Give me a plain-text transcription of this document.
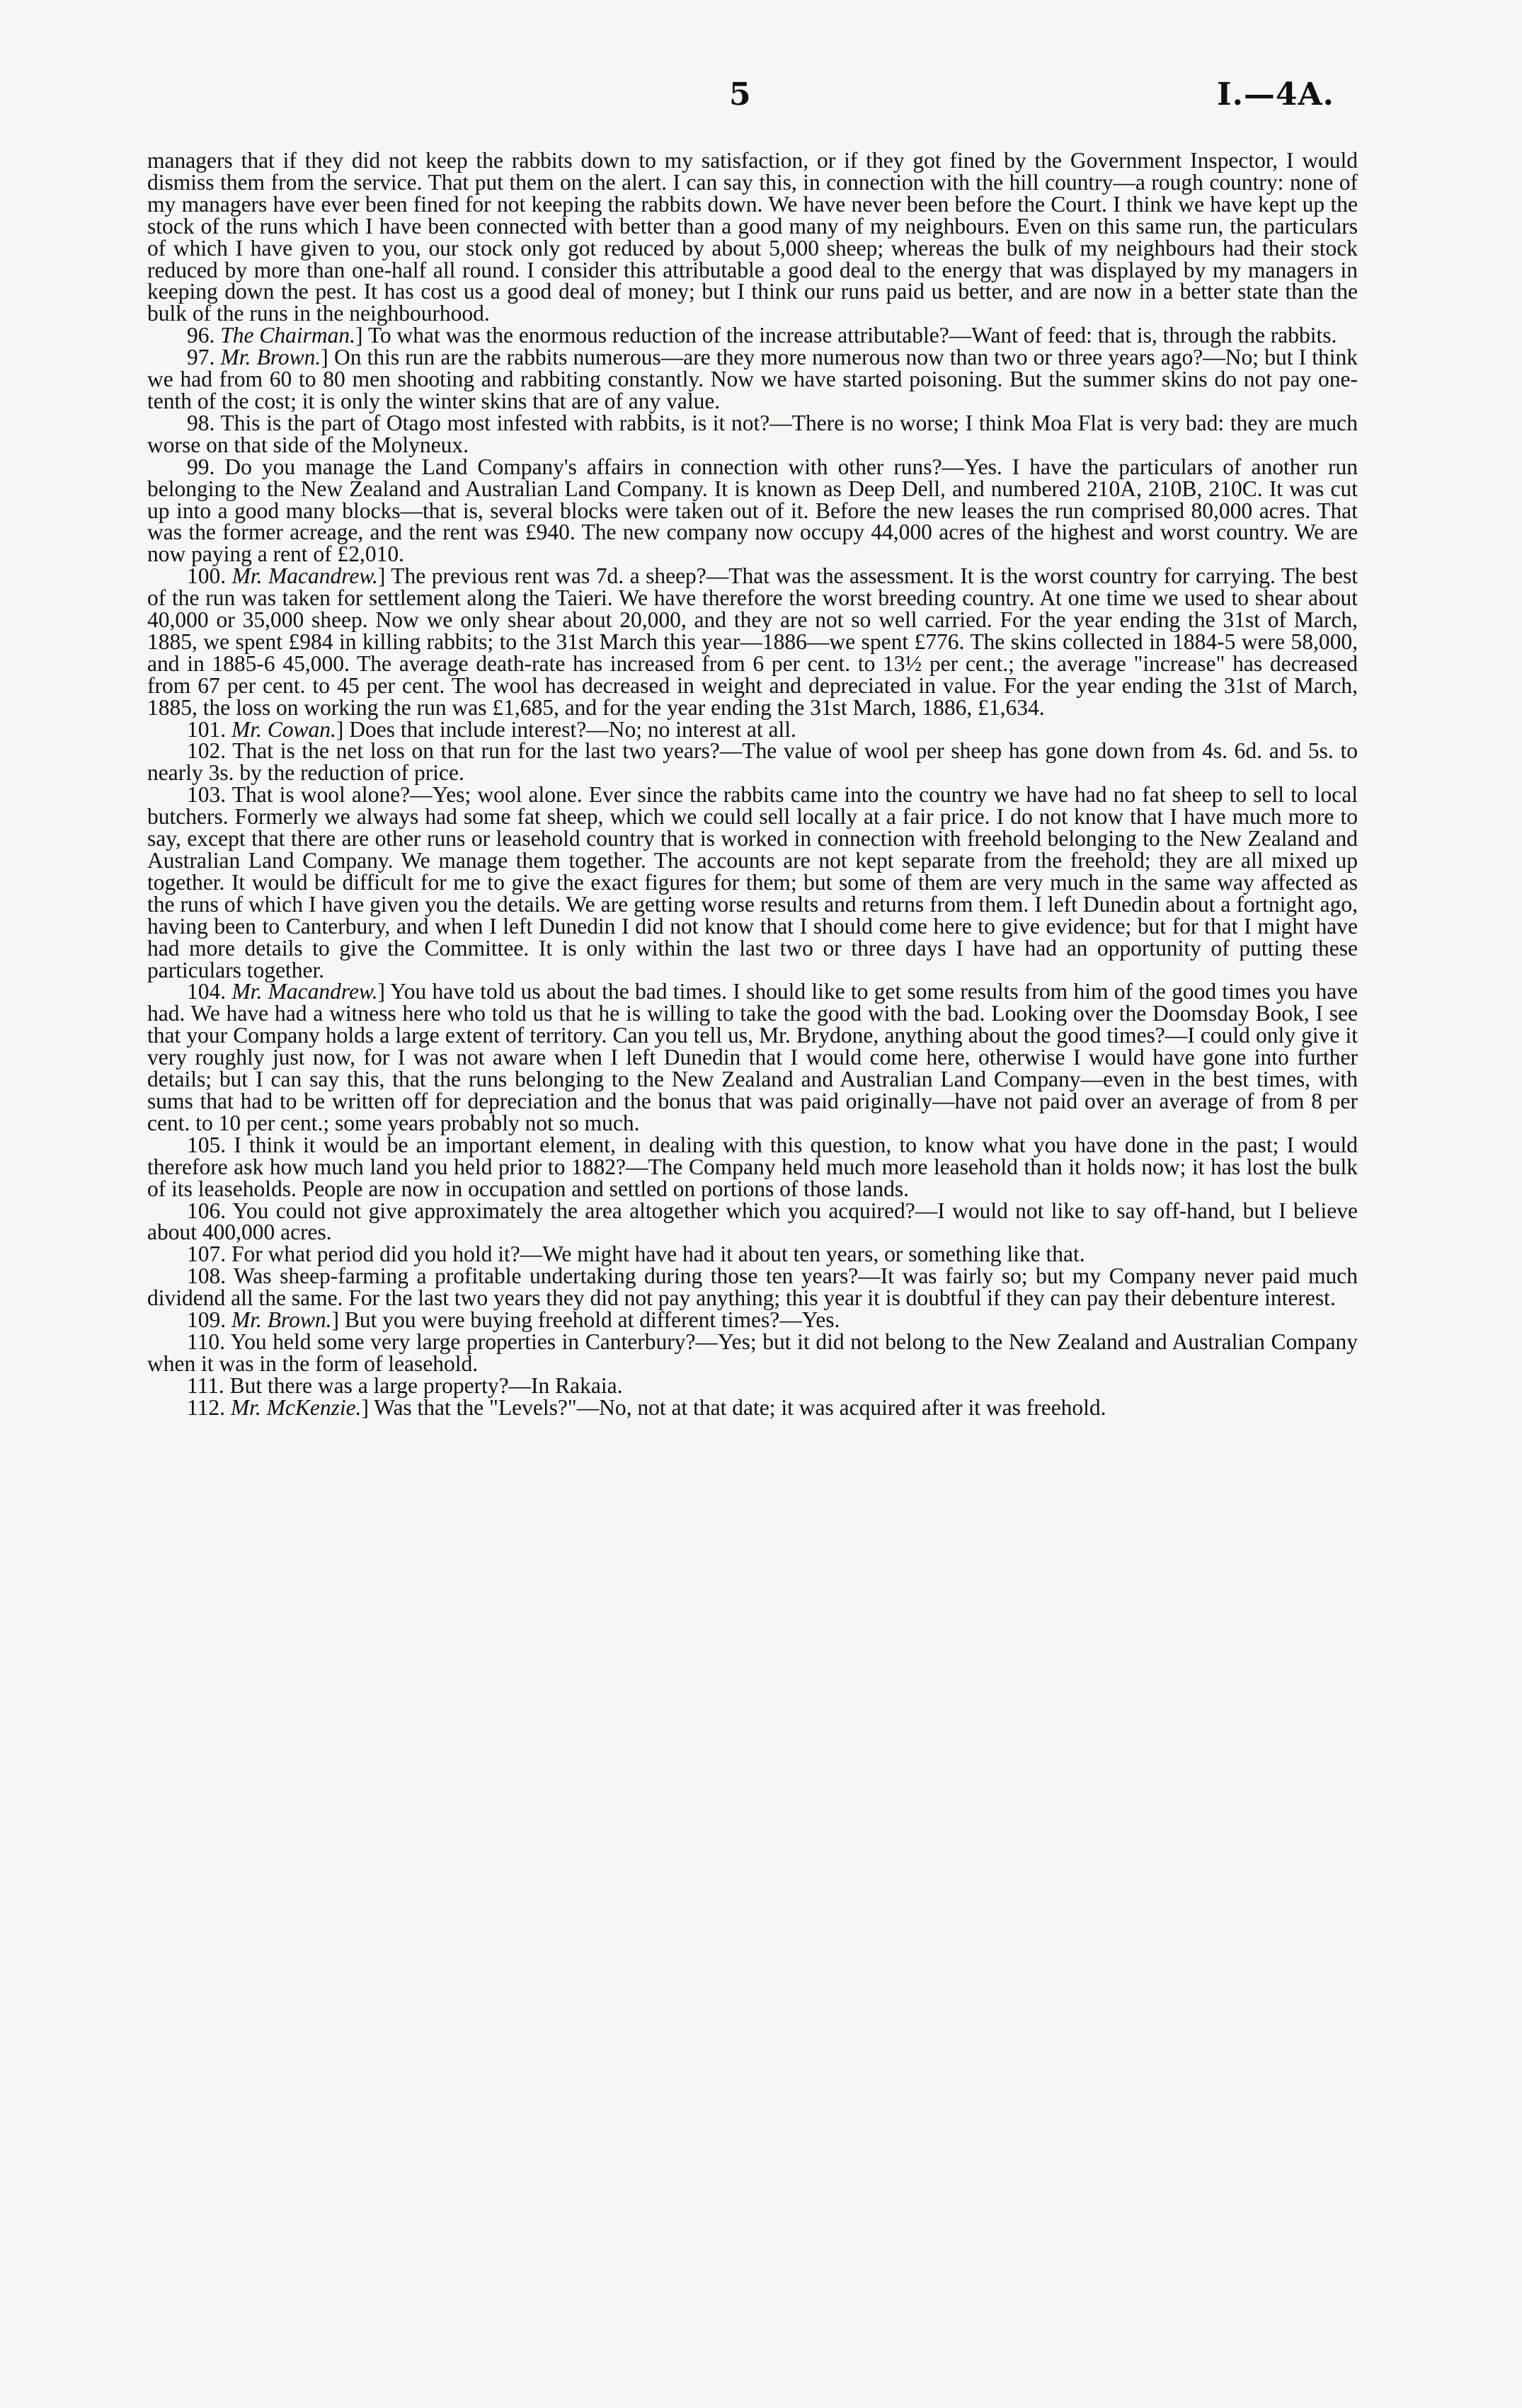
5	I.—4A.

managers that if they did not keep the rabbits down to my satisfaction, or if they got fined by the Government Inspector, I would dismiss them from the service. That put them on the alert. I can say this, in connection with the hill country—a rough country: none of my managers have ever been fined for not keeping the rabbits down. We have never been before the Court. I think we have kept up the stock of the runs which I have been connected with better than a good many of my neighbours. Even on this same run, the particulars of which I have given to you, our stock only got reduced by about 5,000 sheep; whereas the bulk of my neighbours had their stock reduced by more than one-half all round. I consider this attributable a good deal to the energy that was displayed by my managers in keeping down the pest. It has cost us a good deal of money; but I think our runs paid us better, and are now in a better state than the bulk of the runs in the neighbourhood.

96. The Chairman.] To what was the enormous reduction of the increase attributable?—Want of feed: that is, through the rabbits.

97. Mr. Brown.] On this run are the rabbits numerous—are they more numerous now than two or three years ago?—No; but I think we had from 60 to 80 men shooting and rabbiting constantly. Now we have started poisoning. But the summer skins do not pay one-tenth of the cost; it is only the winter skins that are of any value.

98. This is the part of Otago most infested with rabbits, is it not?—There is no worse; I think Moa Flat is very bad: they are much worse on that side of the Molyneux.

99. Do you manage the Land Company's affairs in connection with other runs?—Yes. I have the particulars of another run belonging to the New Zealand and Australian Land Company. It is known as Deep Dell, and numbered 210A, 210B, 210C. It was cut up into a good many blocks—that is, several blocks were taken out of it. Before the new leases the run comprised 80,000 acres. That was the former acreage, and the rent was £940. The new company now occupy 44,000 acres of the highest and worst country. We are now paying a rent of £2,010.

100. Mr. Macandrew.] The previous rent was 7d. a sheep?—That was the assessment. It is the worst country for carrying. The best of the run was taken for settlement along the Taieri. We have therefore the worst breeding country. At one time we used to shear about 40,000 or 35,000 sheep. Now we only shear about 20,000, and they are not so well carried. For the year ending the 31st of March, 1885, we spent £984 in killing rabbits; to the 31st March this year—1886—we spent £776. The skins collected in 1884-5 were 58,000, and in 1885-6 45,000. The average death-rate has increased from 6 per cent. to 13½ per cent.; the average "increase" has decreased from 67 per cent. to 45 per cent. The wool has decreased in weight and depreciated in value. For the year ending the 31st of March, 1885, the loss on working the run was £1,685, and for the year ending the 31st March, 1886, £1,634.

101. Mr. Cowan.] Does that include interest?—No; no interest at all.

102. That is the net loss on that run for the last two years?—The value of wool per sheep has gone down from 4s. 6d. and 5s. to nearly 3s. by the reduction of price.

103. That is wool alone?—Yes; wool alone. Ever since the rabbits came into the country we have had no fat sheep to sell to local butchers. Formerly we always had some fat sheep, which we could sell locally at a fair price. I do not know that I have much more to say, except that there are other runs or leasehold country that is worked in connection with freehold belonging to the New Zealand and Australian Land Company. We manage them together. The accounts are not kept separate from the freehold; they are all mixed up together. It would be difficult for me to give the exact figures for them; but some of them are very much in the same way affected as the runs of which I have given you the details. We are getting worse results and returns from them. I left Dunedin about a fortnight ago, having been to Canterbury, and when I left Dunedin I did not know that I should come here to give evidence; but for that I might have had more details to give the Committee. It is only within the last two or three days I have had an opportunity of putting these particulars together.

104. Mr. Macandrew.] You have told us about the bad times. I should like to get some results from him of the good times you have had. We have had a witness here who told us that he is willing to take the good with the bad. Looking over the Doomsday Book, I see that your Company holds a large extent of territory. Can you tell us, Mr. Brydone, anything about the good times?—I could only give it very roughly just now, for I was not aware when I left Dunedin that I would come here, otherwise I would have gone into further details; but I can say this, that the runs belonging to the New Zealand and Australian Land Company—even in the best times, with sums that had to be written off for depreciation and the bonus that was paid originally—have not paid over an average of from 8 per cent. to 10 per cent.; some years probably not so much.

105. I think it would be an important element, in dealing with this question, to know what you have done in the past; I would therefore ask how much land you held prior to 1882?—The Company held much more leasehold than it holds now; it has lost the bulk of its leaseholds. People are now in occupation and settled on portions of those lands.

106. You could not give approximately the area altogether which you acquired?—I would not like to say off-hand, but I believe about 400,000 acres.

107. For what period did you hold it?—We might have had it about ten years, or something like that.

108. Was sheep-farming a profitable undertaking during those ten years?—It was fairly so; but my Company never paid much dividend all the same. For the last two years they did not pay anything; this year it is doubtful if they can pay their debenture interest.

109. Mr. Brown.] But you were buying freehold at different times?—Yes.

110. You held some very large properties in Canterbury?—Yes; but it did not belong to the New Zealand and Australian Company when it was in the form of leasehold.

111. But there was a large property?—In Rakaia.

112. Mr. McKenzie.] Was that the "Levels?"—No, not at that date; it was acquired after it was freehold.
